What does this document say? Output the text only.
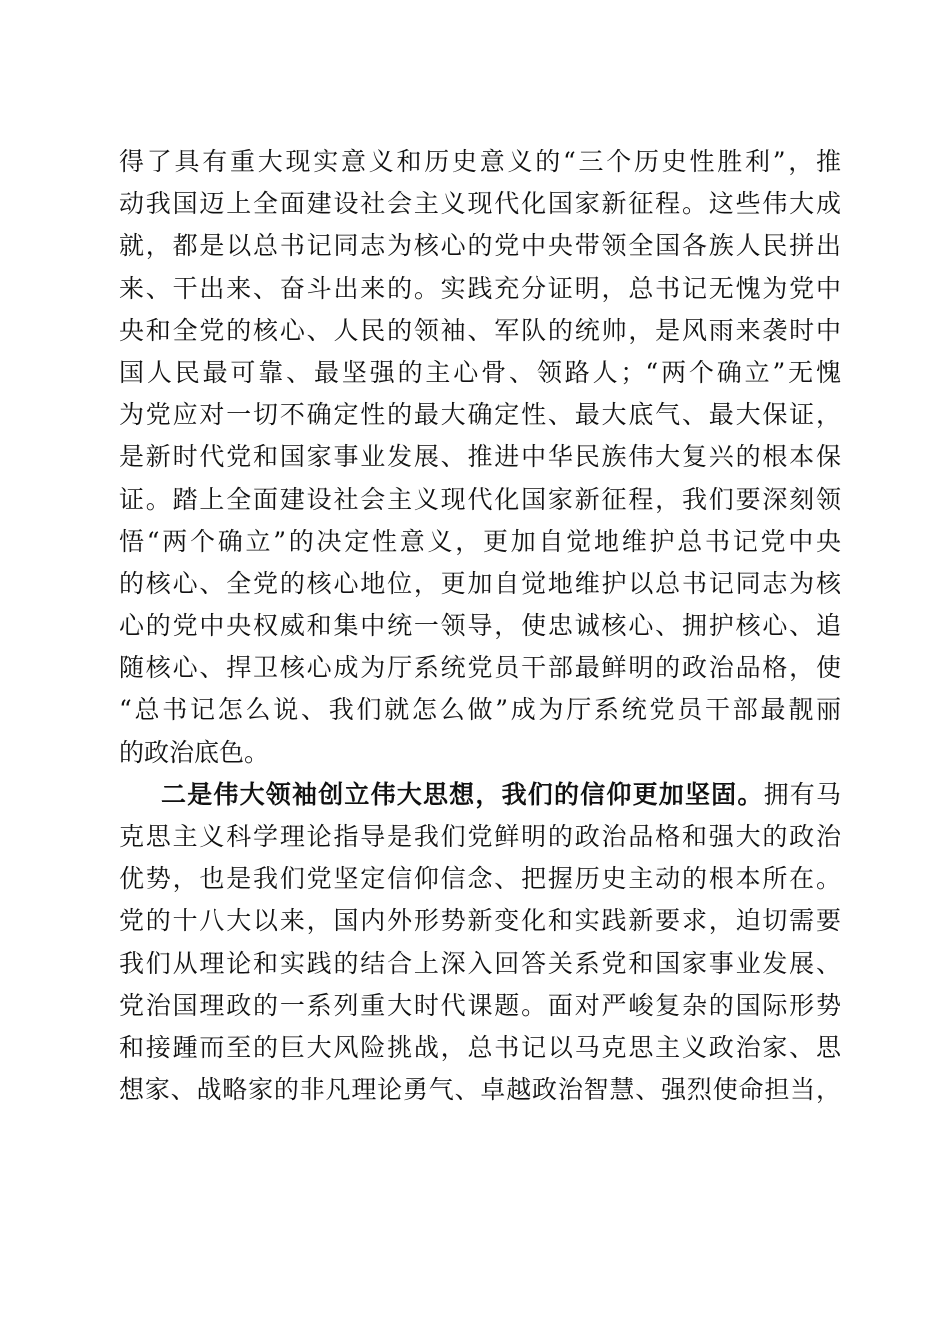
得了具有重大现实意义和历史意义的“三个历史性胜利”，推
动我国迈上全面建设社会主义现代化国家新征程。这些伟大成
就，都是以总书记同志为核心的党中央带领全国各族人民拼出
来、干出来、奋斗出来的。实践充分证明，总书记无愧为党中
央和全党的核心、人民的领袖、军队的统帅，是风雨来袭时中
国人民最可靠、最坚强的主心骨、领路人；“两个确立”无愧
为党应对一切不确定性的最大确定性、最大底气、最大保证，
是新时代党和国家事业发展、推进中华民族伟大复兴的根本保
证。踏上全面建设社会主义现代化国家新征程，我们要深刻领
悟“两个确立”的决定性意义，更加自觉地维护总书记党中央
的核心、全党的核心地位，更加自觉地维护以总书记同志为核
心的党中央权威和集中统一领导，使忠诚核心、拥护核心、追
随核心、捍卫核心成为厅系统党员干部最鲜明的政治品格，使
“总书记怎么说、我们就怎么做”成为厅系统党员干部最靓丽
的政治底色。
二是伟大领袖创立伟大思想，我们的信仰更加坚固。拥有马
克思主义科学理论指导是我们党鲜明的政治品格和强大的政治
优势，也是我们党坚定信仰信念、把握历史主动的根本所在。
党的十八大以来，国内外形势新变化和实践新要求，迫切需要
我们从理论和实践的结合上深入回答关系党和国家事业发展、
党治国理政的一系列重大时代课题。面对严峻复杂的国际形势
和接踵而至的巨大风险挑战，总书记以马克思主义政治家、思
想家、战略家的非凡理论勇气、卓越政治智慧、强烈使命担当，
